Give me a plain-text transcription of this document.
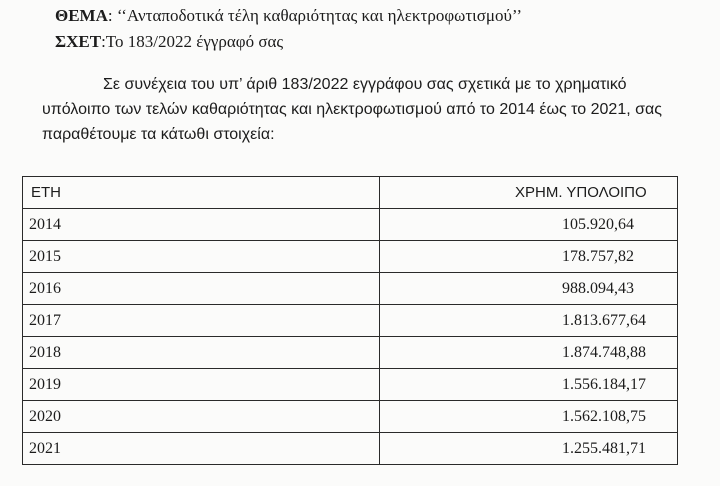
ΘΕΜΑ: ‘‘Ανταποδοτικά τέλη καθαριότητας και ηλεκτροφωτισμού’’
ΣΧΕΤ:Το 183/2022 έγγραφό σας
Σε συνέχεια του υπ’ άριθ 183/2022 εγγράφου σας σχετικά με το χρηματικό
υπόλοιπο των τελών καθαριότητας και ηλεκτροφωτισμού από το 2014 έως το 2021, σας
παραθέτουμε τα κάτωθι στοιχεία:
ΕΤΗ	ΧΡΗΜ. ΥΠΟΛΟΙΠΟ
2014	105.920,64
2015	178.757,82
2016	988.094,43
2017	1.813.677,64
2018	1.874.748,88
2019	1.556.184,17
2020	1.562.108,75
2021	1.255.481,71
